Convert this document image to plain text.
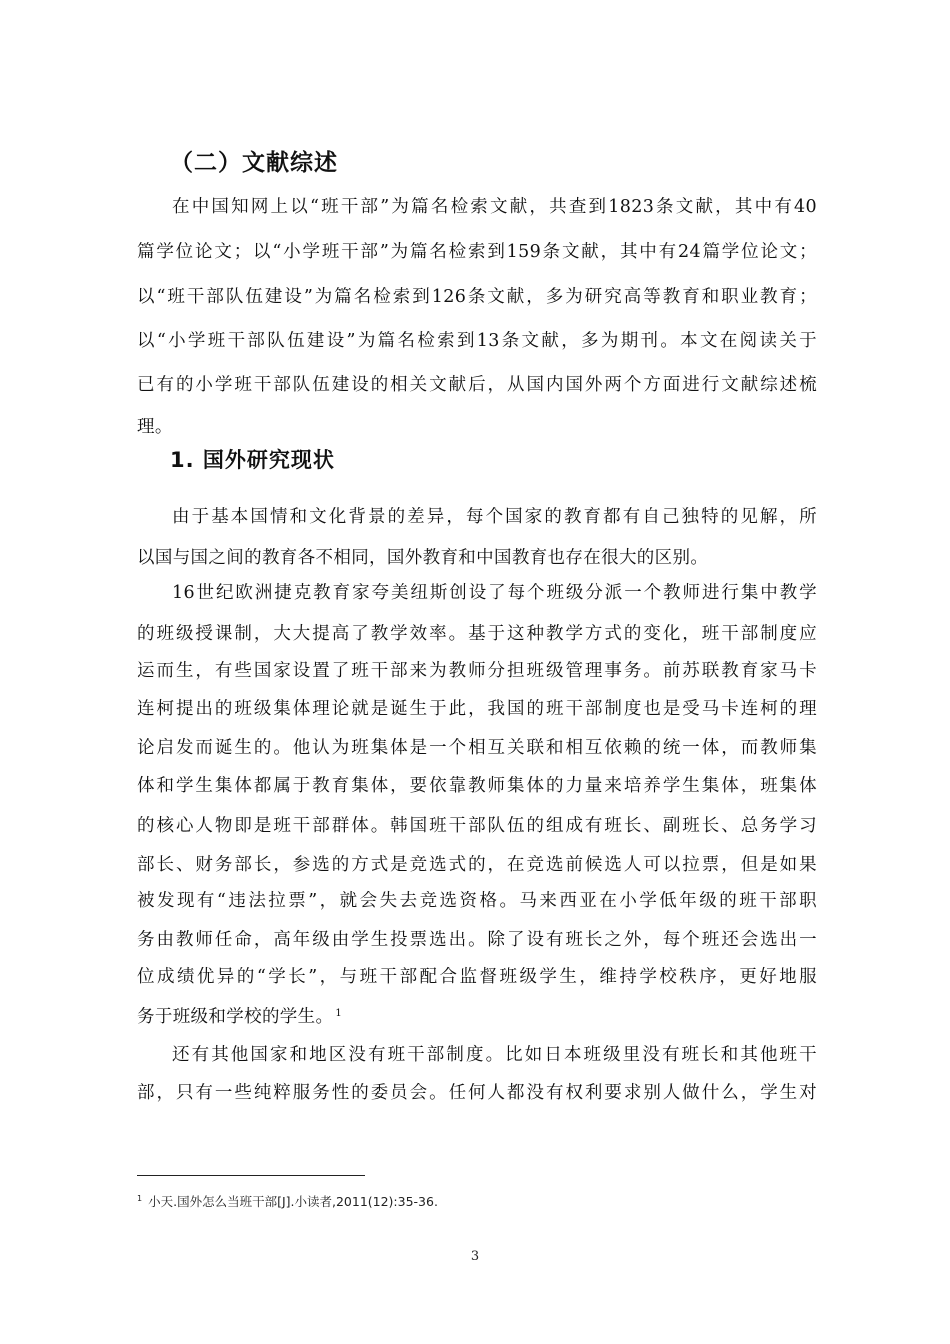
（二）文献综述
在中国知网上以“班干部”为篇名检索文献，共查到1823条文献，其中有40
篇学位论文；以“小学班干部”为篇名检索到159条文献，其中有24篇学位论文；
以“班干部队伍建设”为篇名检索到126条文献，多为研究高等教育和职业教育；
以“小学班干部队伍建设”为篇名检索到13条文献，多为期刊。本文在阅读关于
已有的小学班干部队伍建设的相关文献后，从国内国外两个方面进行文献综述梳
理。
1. 国外研究现状
由于基本国情和文化背景的差异，每个国家的教育都有自己独特的见解，所
以国与国之间的教育各不相同，国外教育和中国教育也存在很大的区别。
16世纪欧洲捷克教育家夸美纽斯创设了每个班级分派一个教师进行集中教学
的班级授课制，大大提高了教学效率。基于这种教学方式的变化，班干部制度应
运而生，有些国家设置了班干部来为教师分担班级管理事务。前苏联教育家马卡
连柯提出的班级集体理论就是诞生于此，我国的班干部制度也是受马卡连柯的理
论启发而诞生的。他认为班集体是一个相互关联和相互依赖的统一体，而教师集
体和学生集体都属于教育集体，要依靠教师集体的力量来培养学生集体，班集体
的核心人物即是班干部群体。韩国班干部队伍的组成有班长、副班长、总务学习
部长、财务部长，参选的方式是竞选式的，在竞选前候选人可以拉票，但是如果
被发现有“违法拉票”，就会失去竞选资格。马来西亚在小学低年级的班干部职
务由教师任命，高年级由学生投票选出。除了设有班长之外，每个班还会选出一
位成绩优异的“学长”，与班干部配合监督班级学生，维持学校秩序，更好地服
务于班级和学校的学生。 $^1$
还有其他国家和地区没有班干部制度。比如日本班级里没有班长和其他班干
部，只有一些纯粹服务性的委员会。任何人都没有权利要求别人做什么，学生对
$^1$ 小天.国外怎么当班干部[J].小读者,2011(12):35-36.
3
